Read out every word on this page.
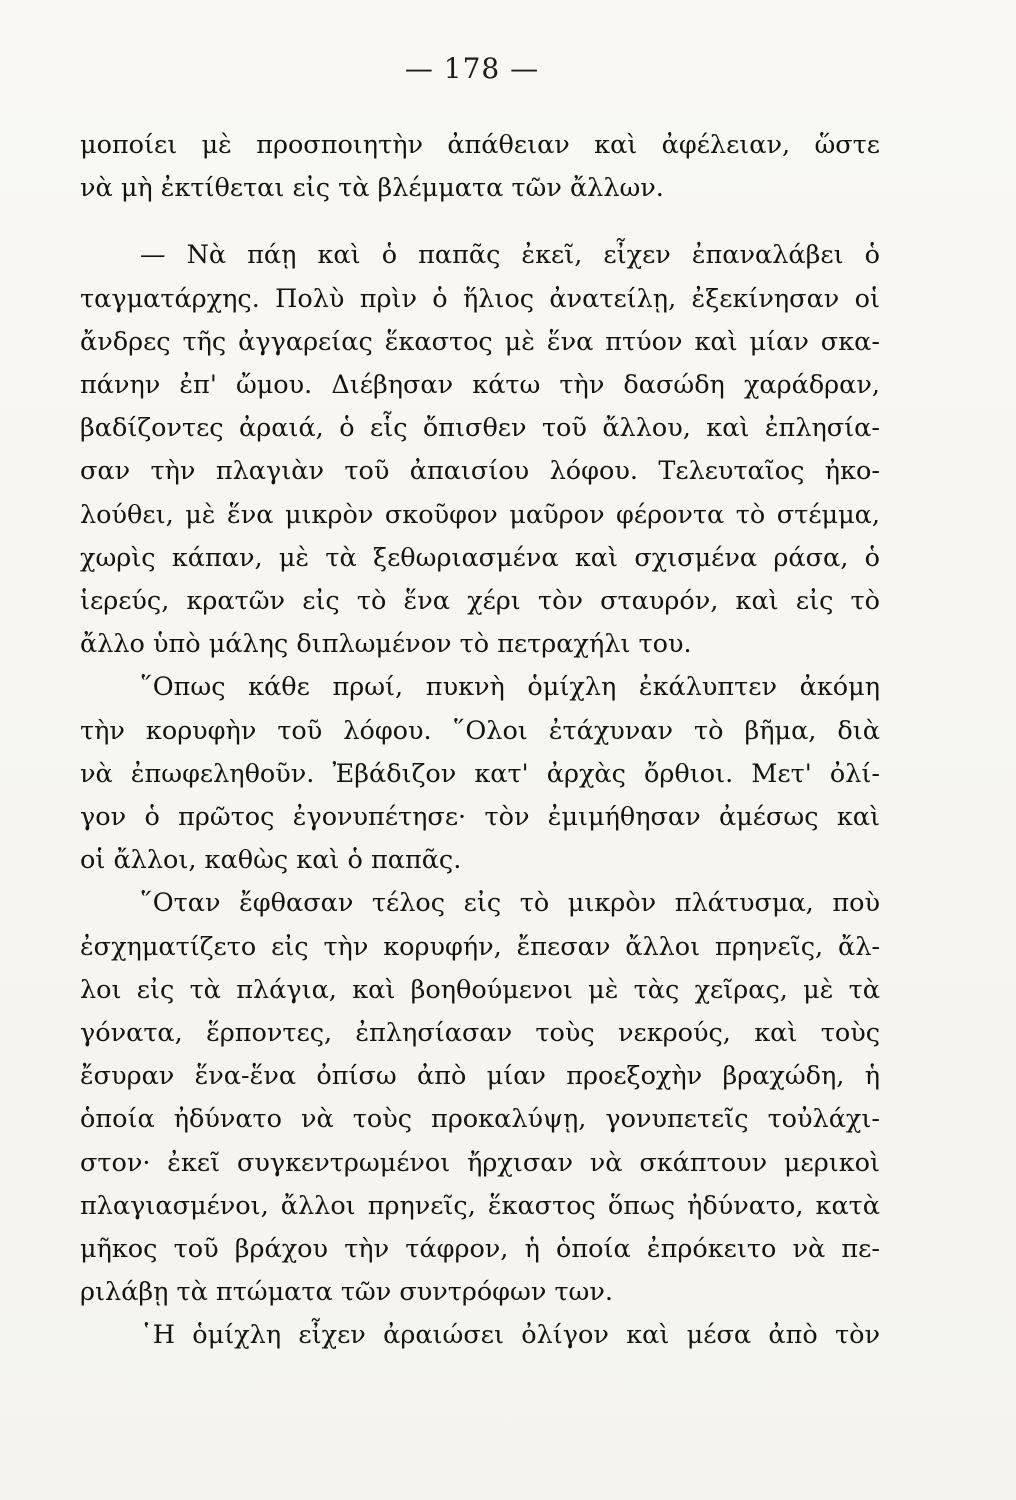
— 178 —
μοποίει μὲ προσποιητὴν ἀπάθειαν καὶ ἀφέλειαν, ὥστε
νὰ μὴ ἐκτίθεται εἰς τὰ βλέμματα τῶν ἄλλων.
— Νὰ πάῃ καὶ ὁ παπᾶς ἐκεῖ, εἶχεν ἐπαναλάβει ὁ
ταγματάρχης. Πολὺ πρὶν ὁ ἥλιος ἀνατείλῃ, ἐξεκίνησαν οἱ
ἄνδρες τῆς ἀγγαρείας ἕκαστος μὲ ἕνα πτύον καὶ μίαν σκα-
πάνην ἐπ' ὤμου. Διέβησαν κάτω τὴν δασώδη χαράδραν,
βαδίζοντες ἀραιά, ὁ εἷς ὄπισθεν τοῦ ἄλλου, καὶ ἐπλησία-
σαν τὴν πλαγιὰν τοῦ ἀπαισίου λόφου. Τελευταῖος ἠκο-
λούθει, μὲ ἕνα μικρὸν σκοῦφον μαῦρον φέροντα τὸ στέμμα,
χωρὶς κάπαν, μὲ τὰ ξεθωριασμένα καὶ σχισμένα ράσα, ὁ
ἱερεύς, κρατῶν εἰς τὸ ἕνα χέρι τὸν σταυρόν, καὶ εἰς τὸ
ἄλλο ὑπὸ μάλης διπλωμένον τὸ πετραχήλι του.
῞Οπως κάθε πρωί, πυκνὴ ὁμίχλη ἐκάλυπτεν ἀκόμη
τὴν κορυφὴν τοῦ λόφου. ῞Ολοι ἐτάχυναν τὸ βῆμα, διὰ
νὰ ἐπωφεληθοῦν. Ἐβάδιζον κατ' ἀρχὰς ὄρθιοι. Μετ' ὀλί-
γον ὁ πρῶτος ἐγονυπέτησε· τὸν ἐμιμήθησαν ἀμέσως καὶ
οἱ ἄλλοι, καθὼς καὶ ὁ παπᾶς.
῞Οταν ἔφθασαν τέλος εἰς τὸ μικρὸν πλάτυσμα, ποὺ
ἐσχηματίζετο εἰς τὴν κορυφήν, ἔπεσαν ἄλλοι πρηνεῖς, ἄλ-
λοι εἰς τὰ πλάγια, καὶ βοηθούμενοι μὲ τὰς χεῖρας, μὲ τὰ
γόνατα, ἕρποντες, ἐπλησίασαν τοὺς νεκρούς, καὶ τοὺς
ἔσυραν ἕνα-ἕνα ὀπίσω ἀπὸ μίαν προεξοχὴν βραχώδη, ἡ
ὁποία ἠδύνατο νὰ τοὺς προκαλύψῃ, γονυπετεῖς τοὐλάχι-
στον· ἐκεῖ συγκεντρωμένοι ἤρχισαν νὰ σκάπτουν μερικοὶ
πλαγιασμένοι, ἄλλοι πρηνεῖς, ἕκαστος ὅπως ἠδύνατο, κατὰ
μῆκος τοῦ βράχου τὴν τάφρον, ἡ ὁποία ἐπρόκειτο νὰ πε-
ριλάβῃ τὰ πτώματα τῶν συντρόφων των.
῾Η ὁμίχλη εἶχεν ἀραιώσει ὀλίγον καὶ μέσα ἀπὸ τὸν
